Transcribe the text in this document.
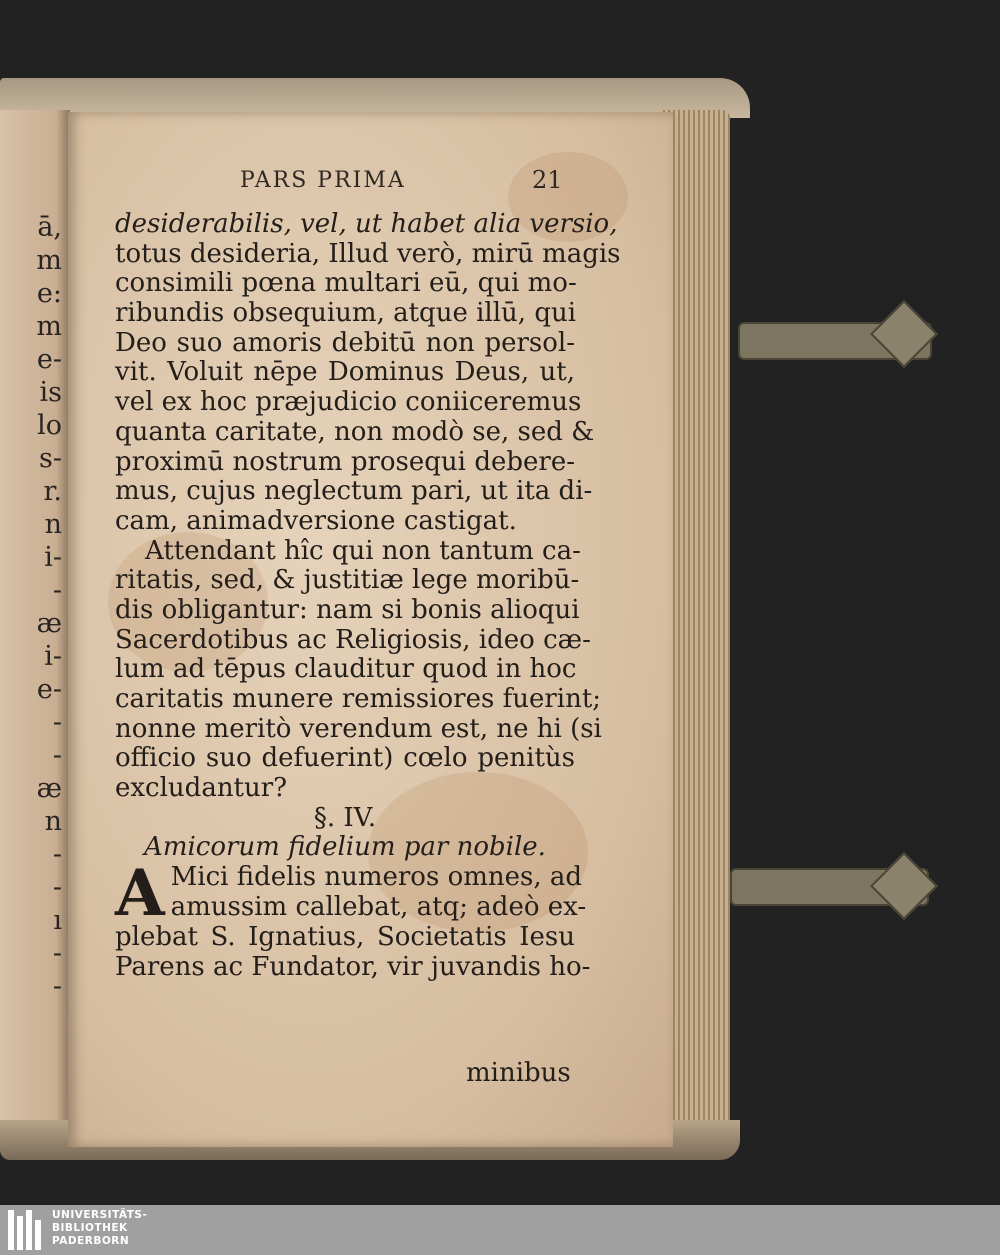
ā,
m
e:
m
e-
is
lo
s-
r.
n
i-
-
æ
i-
e-
-
-
æ
n
-
-
ı
-
-
PARS PRIMA	21
desiderabilis, vel, ut habet alia versio,
totus desideria, Illud verò, mirū magis
consimili pœna multari eū, qui mo-
ribundis obsequium, atque illū, qui
Deo suo amoris debitū non persol-
vit. Voluit nēpe Dominus Deus, ut,
vel ex hoc præjudicio coniiceremus
quanta caritate, non modò se, sed &
proximū nostrum prosequi debere-
mus, cujus neglectum pari, ut ita di-
cam, animadversione castigat.
Attendant hîc qui non tantum ca-
ritatis, sed, & justitiæ lege moribū-
dis obligantur: nam si bonis alioqui
Sacerdotibus ac Religiosis, ideo cæ-
lum ad tēpus clauditur quod in hoc
caritatis munere remissiores fuerint;
nonne meritò verendum est, ne hi (si
officio suo defuerint) cœlo penitùs
excludantur?
§. IV.
Amicorum fidelium par nobile.
A Mici fidelis numeros omnes, ad
amussim callebat, atq; adeò ex-
plebat S. Ignatius, Societatis Iesu
Parens ac Fundator, vir juvandis ho-
minibus
UNIVERSITÄTS-
BIBLIOTHEK
PADERBORN
